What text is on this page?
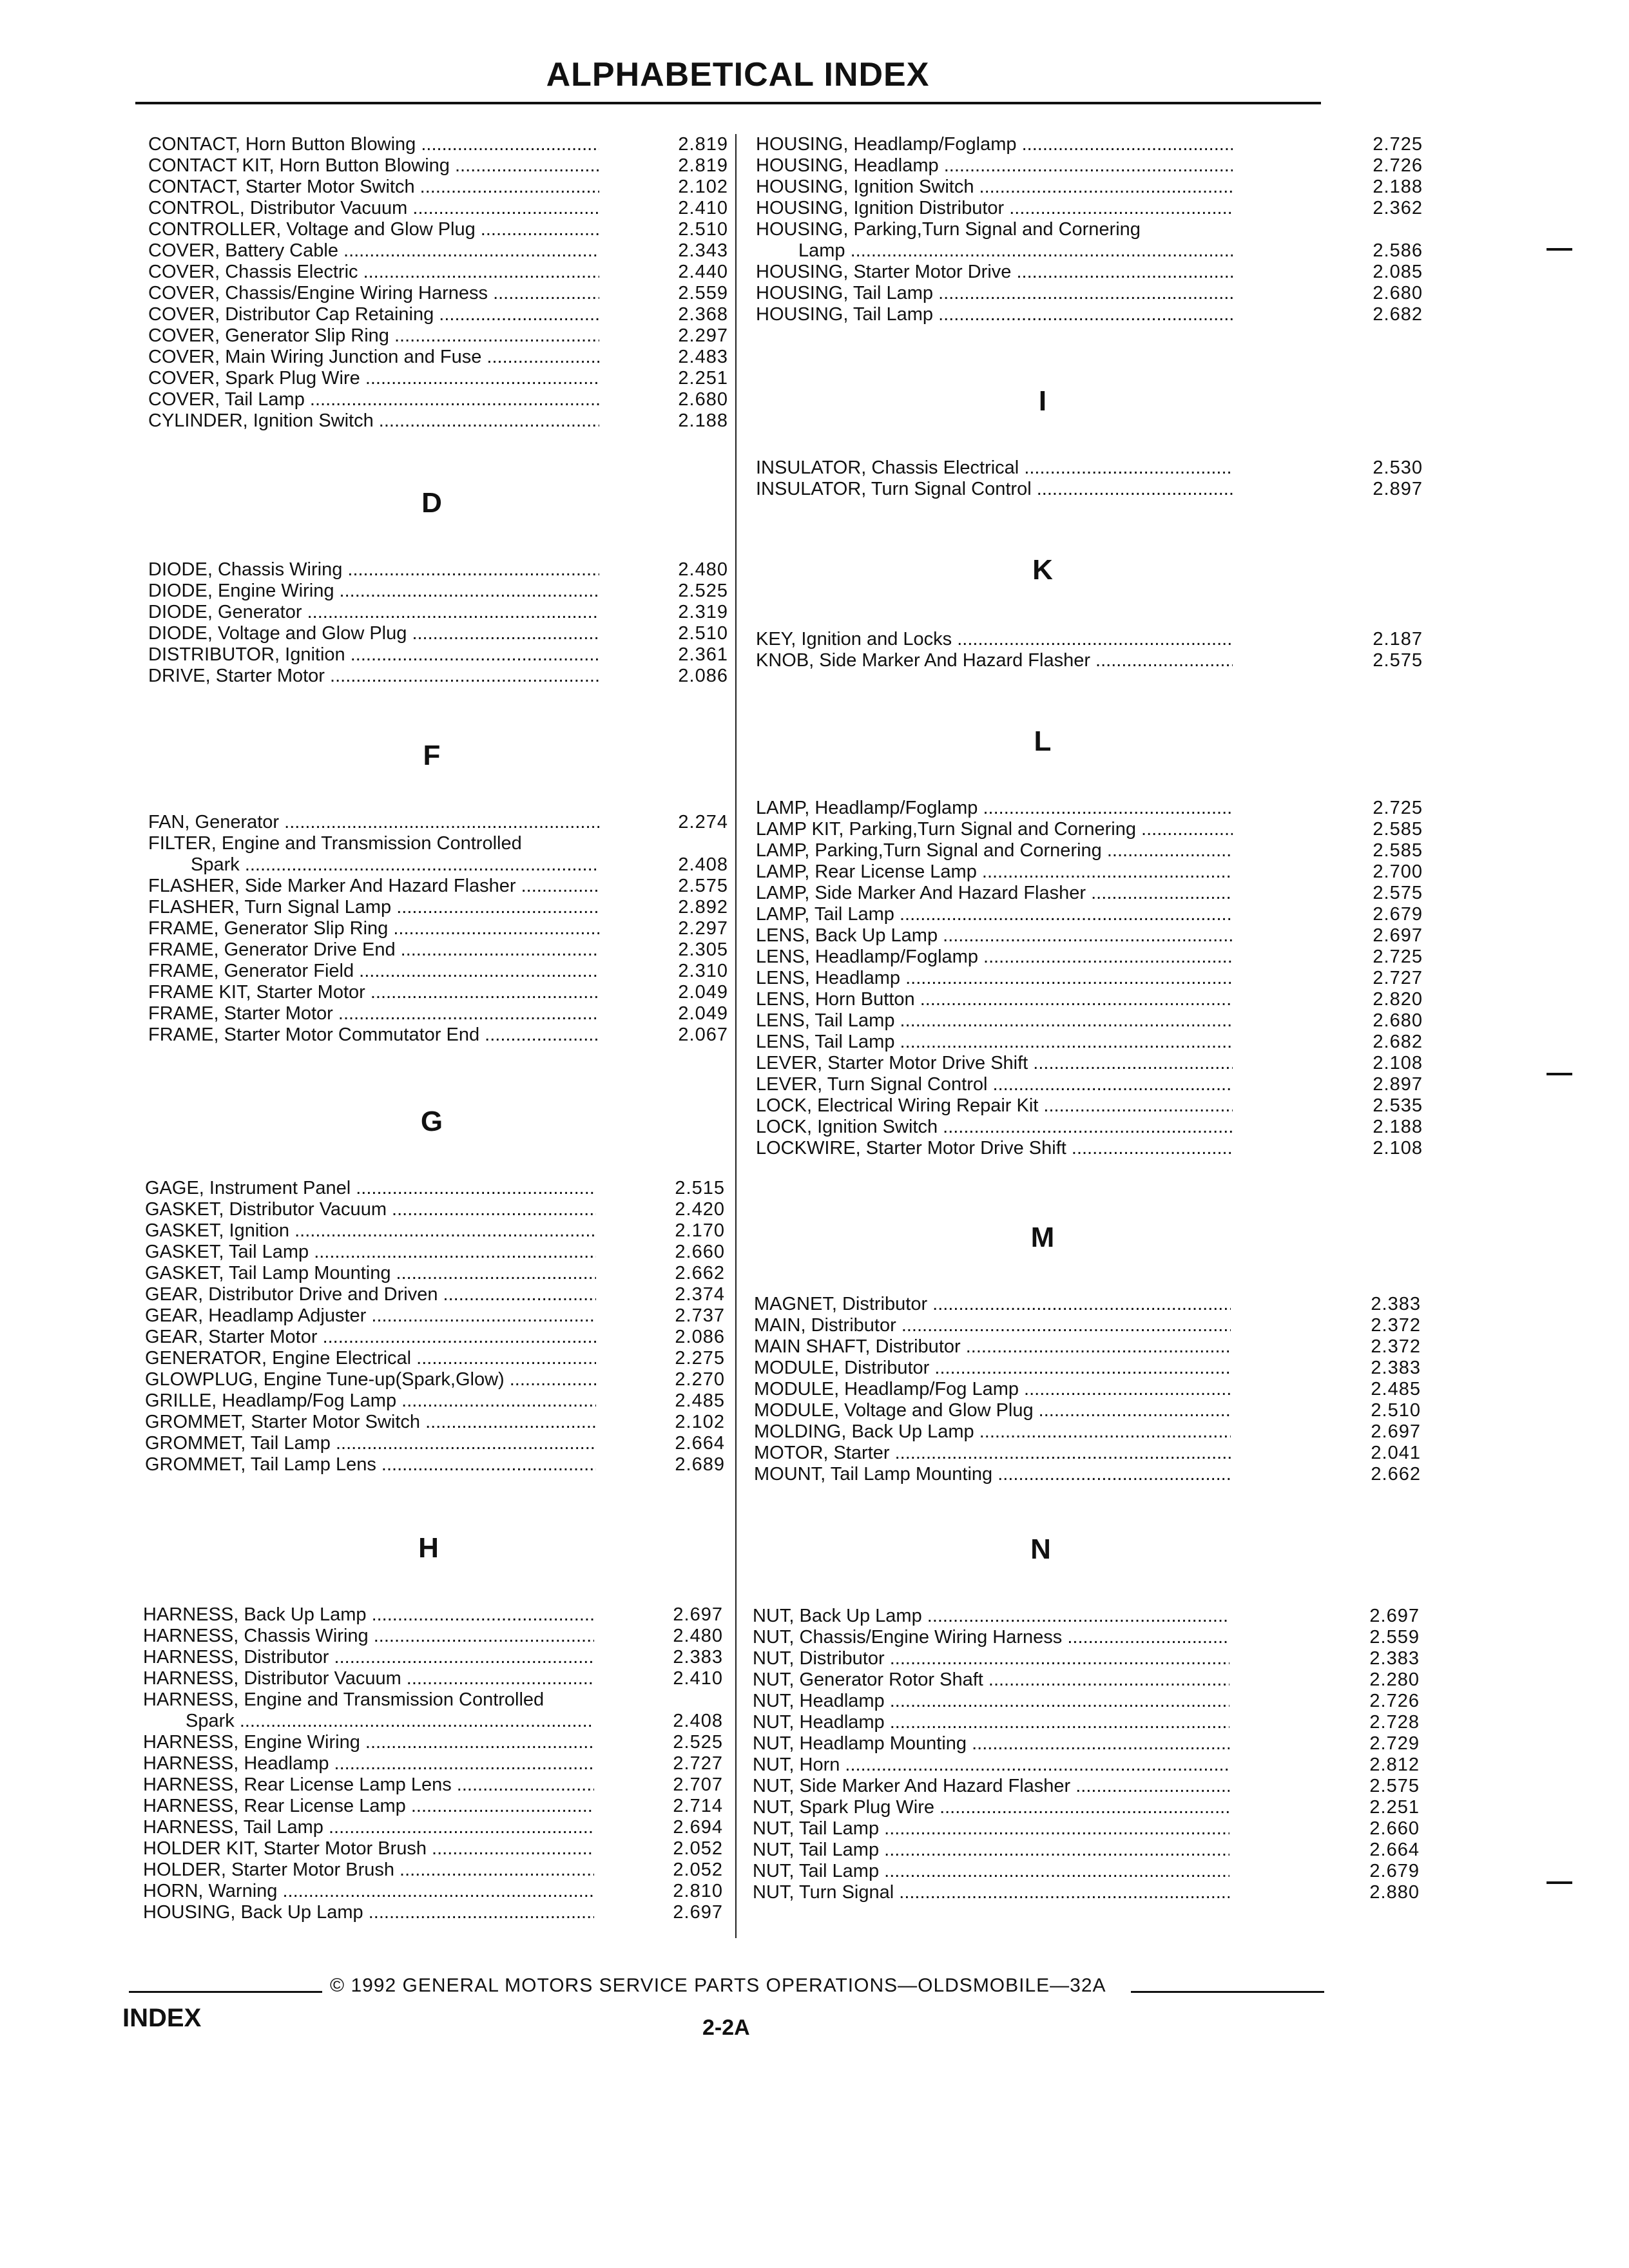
ALPHABETICAL INDEX
CONTACT, Horn Button Blowing .....	2.819
CONTACT KIT, Horn Button Blowing .....	2.819
CONTACT, Starter Motor Switch .....	2.102
CONTROL, Distributor Vacuum .....	2.410
CONTROLLER, Voltage and Glow Plug .....	2.510
COVER, Battery Cable .....	2.343
COVER, Chassis Electric .....	2.440
COVER, Chassis/Engine Wiring Harness .....	2.559
COVER, Distributor Cap Retaining .....	2.368
COVER, Generator Slip Ring .....	2.297
COVER, Main Wiring Junction and Fuse .....	2.483
COVER, Spark Plug Wire .....	2.251
COVER, Tail Lamp .....	2.680
CYLINDER, Ignition Switch .....	2.188
D
DIODE, Chassis Wiring .....	2.480
DIODE, Engine Wiring .....	2.525
DIODE, Generator .....	2.319
DIODE, Voltage and Glow Plug .....	2.510
DISTRIBUTOR, Ignition .....	2.361
DRIVE, Starter Motor .....	2.086
F
FAN, Generator .....	2.274
FILTER, Engine and Transmission Controlled
Spark .....	2.408
FLASHER, Side Marker And Hazard Flasher .....	2.575
FLASHER, Turn Signal Lamp .....	2.892
FRAME, Generator Slip Ring .....	2.297
FRAME, Generator Drive End .....	2.305
FRAME, Generator Field .....	2.310
FRAME KIT, Starter Motor .....	2.049
FRAME, Starter Motor .....	2.049
FRAME, Starter Motor Commutator End .....	2.067
G
GAGE, Instrument Panel .....	2.515
GASKET, Distributor Vacuum .....	2.420
GASKET, Ignition .....	2.170
GASKET, Tail Lamp .....	2.660
GASKET, Tail Lamp Mounting .....	2.662
GEAR, Distributor Drive and Driven .....	2.374
GEAR, Headlamp Adjuster .....	2.737
GEAR, Starter Motor .....	2.086
GENERATOR, Engine Electrical .....	2.275
GLOWPLUG, Engine Tune-up(Spark,Glow) .....	2.270
GRILLE, Headlamp/Fog Lamp .....	2.485
GROMMET, Starter Motor Switch .....	2.102
GROMMET, Tail Lamp .....	2.664
GROMMET, Tail Lamp Lens .....	2.689
H
HARNESS, Back Up Lamp .....	2.697
HARNESS, Chassis Wiring .....	2.480
HARNESS, Distributor .....	2.383
HARNESS, Distributor Vacuum .....	2.410
HARNESS, Engine and Transmission Controlled
Spark .....	2.408
HARNESS, Engine Wiring .....	2.525
HARNESS, Headlamp .....	2.727
HARNESS, Rear License Lamp Lens .....	2.707
HARNESS, Rear License Lamp .....	2.714
HARNESS, Tail Lamp .....	2.694
HOLDER KIT, Starter Motor Brush .....	2.052
HOLDER, Starter Motor Brush .....	2.052
HORN, Warning .....	2.810
HOUSING, Back Up Lamp .....	2.697
HOUSING, Headlamp/Foglamp .....	2.725
HOUSING, Headlamp .....	2.726
HOUSING, Ignition Switch .....	2.188
HOUSING, Ignition Distributor .....	2.362
HOUSING, Parking,Turn Signal and Cornering
Lamp .....	2.586
HOUSING, Starter Motor Drive .....	2.085
HOUSING, Tail Lamp .....	2.680
HOUSING, Tail Lamp .....	2.682
I
INSULATOR, Chassis Electrical .....	2.530
INSULATOR, Turn Signal Control .....	2.897
K
KEY, Ignition and Locks .....	2.187
KNOB, Side Marker And Hazard Flasher .....	2.575
L
LAMP, Headlamp/Foglamp .....	2.725
LAMP KIT, Parking,Turn Signal and Cornering .....	2.585
LAMP, Parking,Turn Signal and Cornering .....	2.585
LAMP, Rear License Lamp .....	2.700
LAMP, Side Marker And Hazard Flasher .....	2.575
LAMP, Tail Lamp .....	2.679
LENS, Back Up Lamp .....	2.697
LENS, Headlamp/Foglamp .....	2.725
LENS, Headlamp .....	2.727
LENS, Horn Button .....	2.820
LENS, Tail Lamp .....	2.680
LENS, Tail Lamp .....	2.682
LEVER, Starter Motor Drive Shift .....	2.108
LEVER, Turn Signal Control .....	2.897
LOCK, Electrical Wiring Repair Kit .....	2.535
LOCK, Ignition Switch .....	2.188
LOCKWIRE, Starter Motor Drive Shift .....	2.108
M
MAGNET, Distributor .....	2.383
MAIN, Distributor .....	2.372
MAIN SHAFT, Distributor .....	2.372
MODULE, Distributor .....	2.383
MODULE, Headlamp/Fog Lamp .....	2.485
MODULE, Voltage and Glow Plug .....	2.510
MOLDING, Back Up Lamp .....	2.697
MOTOR, Starter .....	2.041
MOUNT, Tail Lamp Mounting .....	2.662
N
NUT, Back Up Lamp .....	2.697
NUT, Chassis/Engine Wiring Harness .....	2.559
NUT, Distributor .....	2.383
NUT, Generator Rotor Shaft .....	2.280
NUT, Headlamp .....	2.726
NUT, Headlamp .....	2.728
NUT, Headlamp Mounting .....	2.729
NUT, Horn .....	2.812
NUT, Side Marker And Hazard Flasher .....	2.575
NUT, Spark Plug Wire .....	2.251
NUT, Tail Lamp .....	2.660
NUT, Tail Lamp .....	2.664
NUT, Tail Lamp .....	2.679
NUT, Turn Signal .....	2.880
© 1992 GENERAL MOTORS SERVICE PARTS OPERATIONS—OLDSMOBILE—32A
INDEX	2-2A
